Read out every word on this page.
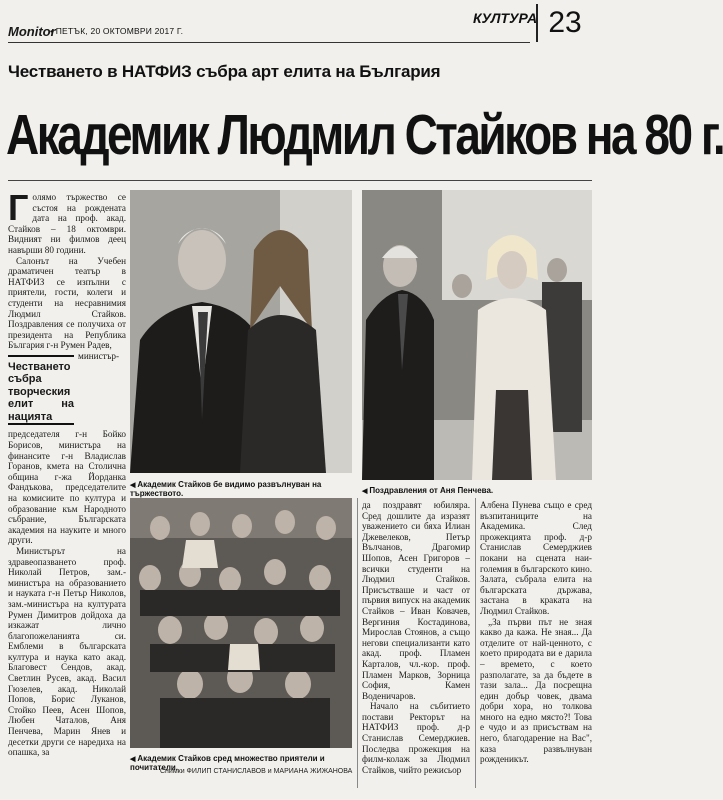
Monitor
• ПЕТЪК, 20 ОКТОМВРИ 2017 Г.
КУЛТУРА 23
Честването в НАТФИЗ събра арт елита на България
Академик Людмил Стайков на 80 г.

Голямо тържество се състоя на рождената дата на проф. акад. Стайков – 18 октомври. Видният ни филмов деец навърши 80 години.

Салонът на Учебен драматичен театър в НАТФИЗ се изпълни с приятели, гости, колеги и студенти на несравнимия Людмил Стайков. Поздравления се получиха от президента на Република България г-н Румен Радев,

Честването събра творческия елит на нацията
министър-председателя г-н Бойко Борисов, министъра на финансите г-н Владислав Горанов, кмета на Столична община г-жа Йорданка Фандъкова, председателите на комисиите по култура и образование към Народното събрание, Българската академия на науките и много други.

Министърът на здравеопазването проф. Николай Петров, зам.-министъра на образованието и науката г-н Петър Николов, зам.-министъра на културата Румен Димитров дойдоха да изкажат лично благопожеланията си. Емблеми в българската култура и наука като акад. Благовест Сендов, акад. Светлин Русев, акад. Васил Гюзелев, акад. Николай Попов, Борис Луканов, Стойко Пеев, Асен Шопов, Любен Чаталов, Аня Пенчева, Марин Янев и десетки други се наредиха на опашка, за

◀ Академик Стайков бе видимо развълнуван на тържеството.	◀ Поздравления от Аня Пенчева.
◀ Академик Стайков сред множество приятели и почитатели.
Снимки ФИЛИП СТАНИСЛАВОВ и МАРИАНА ЖИЖАНОВА

да поздравят юбиляра. Сред дошлите да изразят уважението си бяха Илиан Джевелеков, Петър Вълчанов, Драгомир Шопов, Асен Григоров – всички студенти на Людмил Стайков. Присъстваше и част от първия випуск на академик Стайков – Иван Ковачев, Вергиния Костадинова, Мирослав Стоянов, а също негови специализанти като акад. проф. Пламен Карталов, чл.-кор. проф. Пламен Марков, Зорница София, Камен Воденичаров.

Начало на събитието постави Ректорът на НАТФИЗ проф. д-р Станислав Семерджиев. Последва прожекция на филм-колаж за Людмил Стайков, чийто режисьор

Албена Пунева също е сред възпитаниците на Академика. След прожекцията проф. д-р Станислав Семерджиев покани на сцената наи-големия в българското кино. Залата, събрала елита на българската държава, застана в краката на Людмил Стайков.

„За първи път не зная какво да кажа. Не зная... Да отделите от най-ценното, с което природата ви е дарила – времето, с което разполагате, за да бъдете в тази зала... Да посрещна един добър човек, двама добри хора, но толкова много на едно място?! Това е чудо и аз присъствам на него, благодарение на Вас", каза развълнуван рожденикът.
